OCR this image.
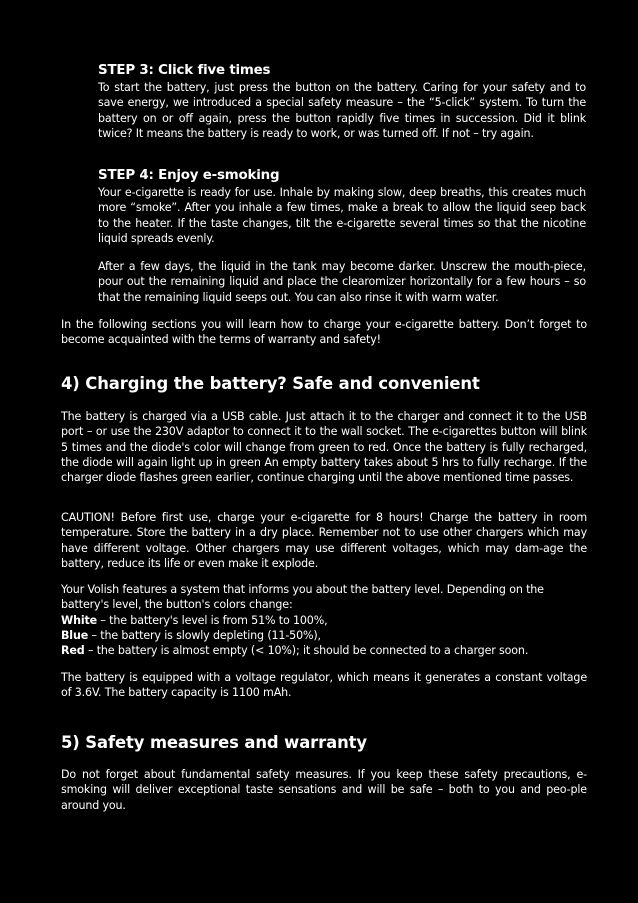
STEP 3: Click five times
To start the battery, just press the button on the battery. Caring for your safety and to save energy, we introduced a special safety measure – the “5-click” system. To turn the battery on or off again, press the button rapidly five times in succession. Did it blink twice? It means the battery is ready to work, or was turned off. If not – try again.
STEP 4: Enjoy e-smoking
Your e-cigarette is ready for use. Inhale by making slow, deep breaths, this creates much more “smoke”. After you inhale a few times, make a break to allow the liquid seep back to the heater. If the taste changes, tilt the e-cigarette several times so that the nicotine liquid spreads evenly.
After a few days, the liquid in the tank may become darker. Unscrew the mouth-piece, pour out the remaining liquid and place the clearomizer horizontally for a few hours – so that the remaining liquid seeps out. You can also rinse it with warm water.
In the following sections you will learn how to charge your e-cigarette battery. Don’t forget to become acquainted with the terms of warranty and safety!
4) Charging the battery? Safe and convenient
The battery is charged via a USB cable. Just attach it to the charger and connect it to the USB port – or use the 230V adaptor to connect it to the wall socket. The e-cigarettes button will blink 5 times and the diode's color will change from green to red. Once the battery is fully recharged, the diode will again light up in green An empty battery takes about 5 hrs to fully recharge. If the charger diode flashes green earlier, continue charging until the above mentioned time passes.
CAUTION! Before first use, charge your e-cigarette for 8 hours! Charge the battery in room temperature. Store the battery in a dry place. Remember not to use other chargers which may have different voltage. Other chargers may use different voltages, which may dam-age the battery, reduce its life or even make it explode.
Your Volish features a system that informs you about the battery level. Depending on the
battery's level, the button's colors change:
White – the battery's level is from 51% to 100%,
Blue – the battery is slowly depleting (11-50%),
Red – the battery is almost empty (< 10%); it should be connected to a charger soon.
The battery is equipped with a voltage regulator, which means it generates a constant voltage of 3.6V. The battery capacity is 1100 mAh.
5) Safety measures and warranty
Do not forget about fundamental safety measures. If you keep these safety precautions, e-smoking will deliver exceptional taste sensations and will be safe – both to you and peo-ple around you.
